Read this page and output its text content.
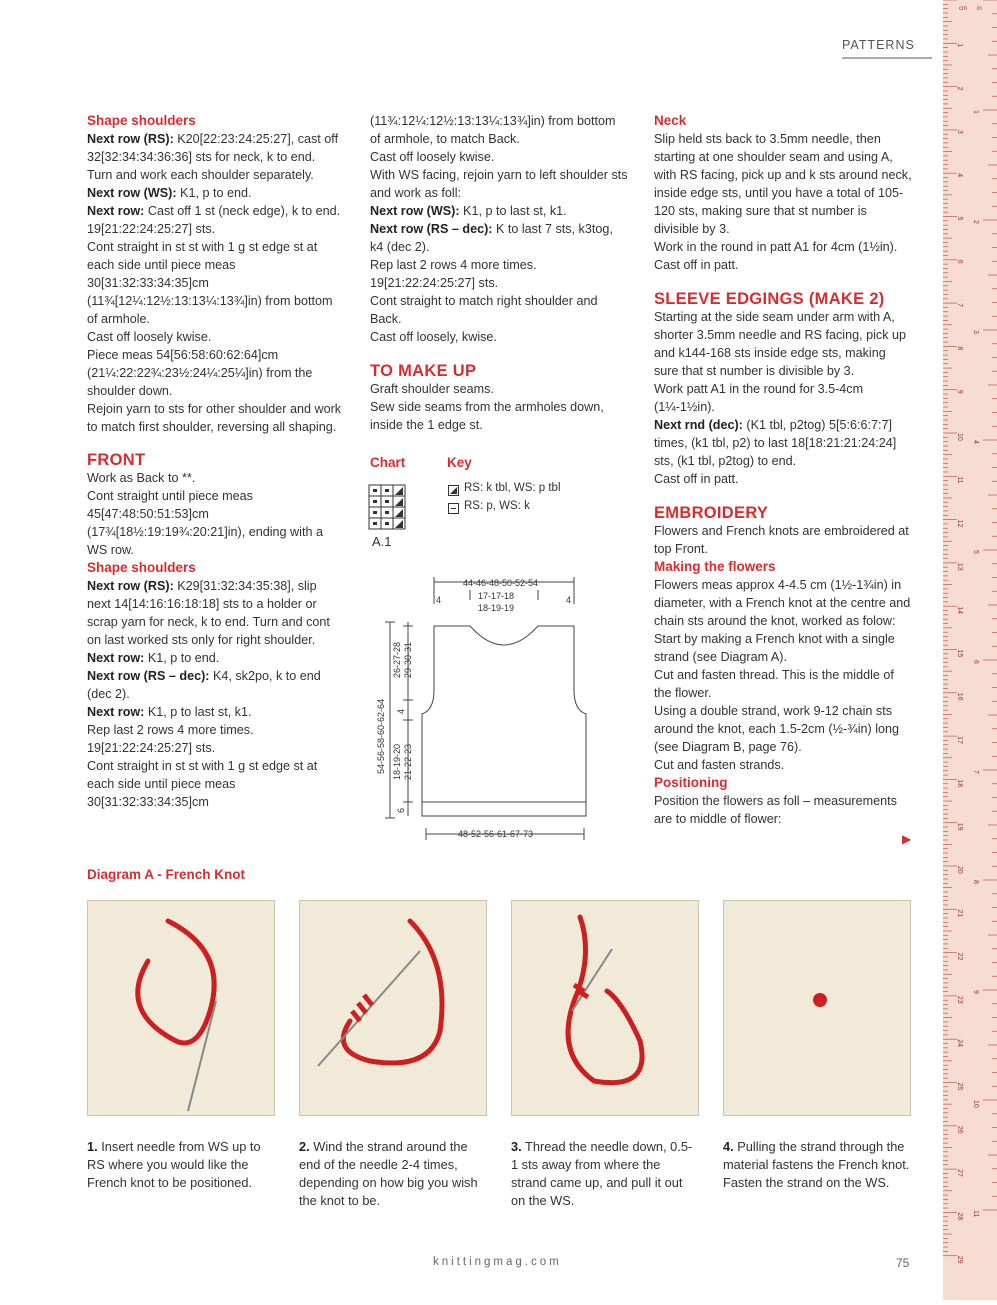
PATTERNS

Shape shoulders

Next row (RS): K20[22:23:24:25:27], cast off 32[32:34:34:36:36] sts for neck, k to end. Turn and work each shoulder separately.

Next row (WS): K1, p to end.

Next row: Cast off 1 st (neck edge), k to end. 19[21:22:24:25:27] sts.

Cont straight in st st with 1 g st edge st at each side until piece meas 30[31:32:33:34:35]cm (11¾[12¼:12½:13:13¼:13¾]in) from bottom of armhole.

Cast off loosely kwise.

Piece meas 54[56:58:60:62:64]cm (21¼:22:22¾:23½:24¼:25¼]in) from the shoulder down.

Rejoin yarn to sts for other shoulder and work to match first shoulder, reversing all shaping.

FRONT

Work as Back to **.

Cont straight until piece meas 45[47:48:50:51:53]cm (17¾[18½:19:19¾:20:21]in), ending with a WS row.

Shape shoulders

Next row (RS): K29[31:32:34:35:38], slip next 14[14:16:16:18:18] sts to a holder or scrap yarn for neck, k to end. Turn and cont on last worked sts only for right shoulder.

Next row: K1, p to end.

Next row (RS – dec): K4, sk2po, k to end (dec 2).

Next row: K1, p to last st, k1.

Rep last 2 rows 4 more times. 19[21:22:24:25:27] sts.

Cont straight in st st with 1 g st edge st at each side until piece meas 30[31:32:33:34:35]cm

(11¾:12¼:12½:13:13¼:13¾]in) from bottom of armhole, to match Back.

Cast off loosely kwise.

With WS facing, rejoin yarn to left shoulder sts and work as foll:

Next row (WS): K1, p to last st, k1.

Next row (RS – dec): K to last 7 sts, k3tog, k4 (dec 2).

Rep last 2 rows 4 more times. 19[21:22:24:25:27] sts.

Cont straight to match right shoulder and Back.

Cast off loosely, kwise.

TO MAKE UP

Graft shoulder seams.

Sew side seams from the armholes down, inside the 1 edge st.

Chart	Key
A.1
RS: k tbl, WS: p tbl
RS: p, WS: k
44-46-48-50-52-54
17-17-18
18-19-19
4	4
48-52-56-61-67-73
54-56-58-60-62-64
26-27-28 29-30-31
4
18-19-20 21-22-23
6

Neck

Slip held sts back to 3.5mm needle, then starting at one shoulder seam and using A, with RS facing, pick up and k sts around neck, inside edge sts, until you have a total of 105-120 sts, making sure that st number is divisible by 3.

Work in the round in patt A1 for 4cm (1½in).

Cast off in patt.

SLEEVE EDGINGS (MAKE 2)

Starting at the side seam under arm with A, shorter 3.5mm needle and RS facing, pick up and k144-168 sts inside edge sts, making sure that st number is divisible by 3.

Work patt A1 in the round for 3.5-4cm (1¼-1½in).

Next rnd (dec): (K1 tbl, p2tog) 5[5:6:6:7:7] times, (k1 tbl, p2) to last 18[18:21:21:24:24] sts, (k1 tbl, p2tog) to end.

Cast off in patt.

EMBROIDERY

Flowers and French knots are embroidered at top Front.

Making the flowers

Flowers meas approx 4-4.5 cm (1½-1¾in) in diameter, with a French knot at the centre and chain sts around the knot, worked as folow:

Start by making a French knot with a single strand (see Diagram A).

Cut and fasten thread. This is the middle of the flower.

Using a double strand, work 9-12 chain sts around the knot, each 1.5-2cm (½-¾in) long (see Diagram B, page 76).

Cut and fasten strands.

Positioning

Position the flowers as foll – measurements are to middle of flower:

▶
Diagram A - French Knot
1. Insert needle from WS up to RS where you would like the French knot to be positioned.
2. Wind the strand around the end of the needle 2-4 times, depending on how big you wish the knot to be.
3. Thread the needle down, 0.5-1 sts away from where the strand came up, and pull it out on the WS.
4. Pulling the strand through the material fastens the French knot. Fasten the strand on the WS.
knittingmag.com	75
1
2
3
4
5
6
7
8
9
10
11
12
13
14
15
16
17
18
19
20
21
22
23
24
25
26
27
28
29
1
2
3
4
5
6
7
8
9
10
11
cm in
